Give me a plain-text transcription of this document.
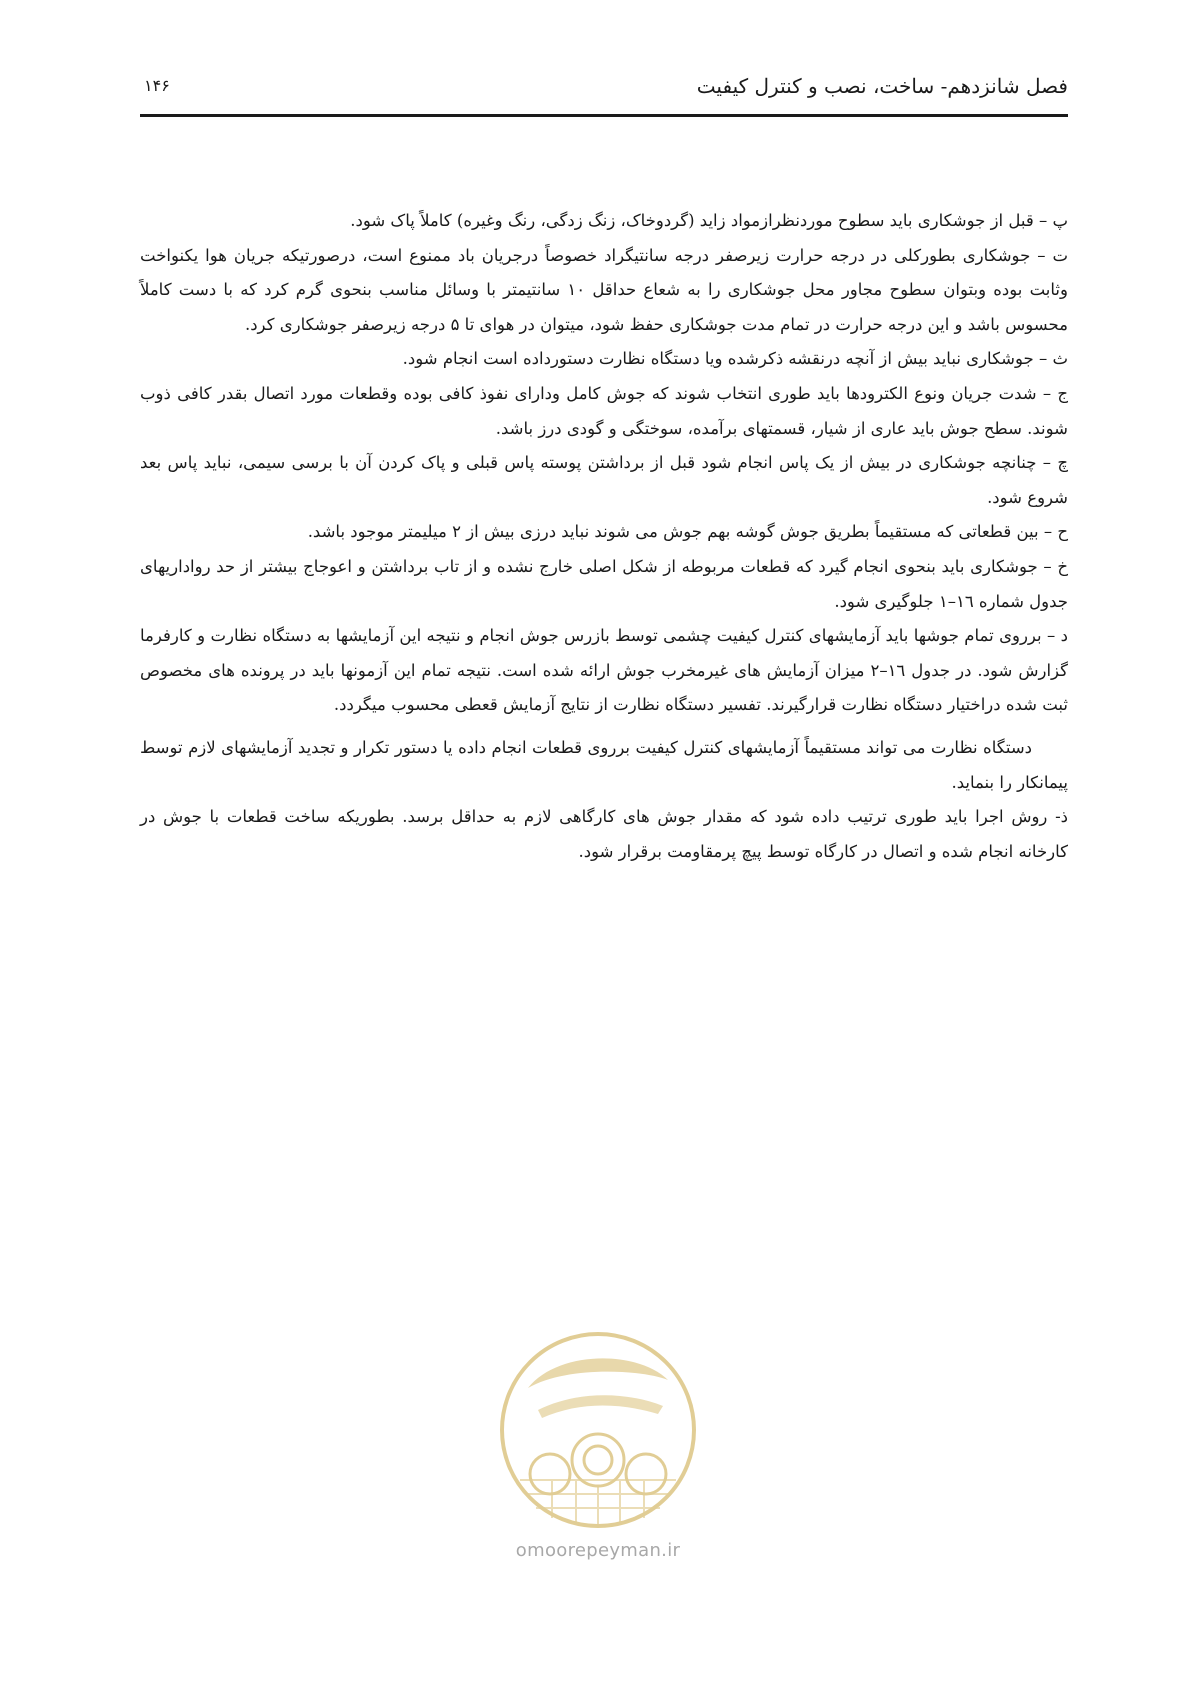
فصل شانزدهم- ساخت، نصب و کنترل کیفیت
۱۴۶

پ – قبل از جوشکاری باید سطوح موردنظرازمواد زاید (گردوخاک، زنگ زدگی، رنگ وغیره) کاملاً پاک شود.

ت – جوشکاری بطورکلی در درجه حرارت زیرصفر درجه سانتیگراد خصوصاً درجریان باد ممنوع است، درصورتیکه جریان هوا یکنواخت وثابت بوده وبتوان سطوح مجاور محل جوشکاری را به شعاع حداقل ۱۰ سانتیمتر با وسائل مناسب بنحوی گرم کرد که با دست کاملاً محسوس باشد و این درجه حرارت در تمام مدت جوشکاری حفظ شود، میتوان در هوای تا ۵ درجه زیرصفر جوشکاری کرد.

ث – جوشکاری نباید بیش از آنچه درنقشه ذکرشده ویا دستگاه نظارت دستورداده است انجام شود.

ج – شدت جریان ونوع الکترودها باید طوری انتخاب شوند که جوش کامل ودارای نفوذ کافی بوده وقطعات مورد اتصال بقدر کافی ذوب شوند. سطح جوش باید عاری از شیار، قسمتهای برآمده، سوختگی و گودی درز باشد.

چ – چنانچه جوشکاری در بیش از یک پاس انجام شود قبل از برداشتن پوسته پاس قبلی و پاک کردن آن با برسی سیمی، نباید پاس بعد شروع شود.

ح – بین قطعاتی که مستقیماً بطریق جوش گوشه بهم جوش می شوند نباید درزی بیش از ۲ میلیمتر موجود باشد.

خ – جوشکاری باید بنحوی انجام گیرد که قطعات مربوطه از شکل اصلی خارج نشده و از تاب برداشتن و اعوجاج بیشتر از حد رواداریهای جدول شماره ١٦–١ جلوگیری شود.

د – برروی تمام جوشها باید آزمایشهای کنترل کیفیت چشمی توسط بازرس جوش انجام و نتیجه این آزمایشها به دستگاه نظارت و کارفرما گزارش شود. در جدول ١٦–٢ میزان آزمایش های غیرمخرب جوش ارائه شده است. نتیجه تمام این آزمونها باید در پرونده های مخصوص ثبت شده دراختیار دستگاه نظارت قرارگیرند. تفسیر دستگاه نظارت از نتایج آزمایش قعطی محسوب میگردد.

دستگاه نظارت می تواند مستقیماً آزمایشهای کنترل کیفیت برروی قطعات انجام داده یا دستور تکرار و تجدید آزمایشهای لازم توسط پیمانکار را بنماید.

ذ- روش اجرا باید طوری ترتیب داده شود که مقدار جوش های کارگاهی لازم به حداقل برسد. بطوریکه ساخت قطعات با جوش در کارخانه انجام شده و اتصال در کارگاه توسط پیچ پرمقاومت برقرار شود.

omoorepeyman.ir
